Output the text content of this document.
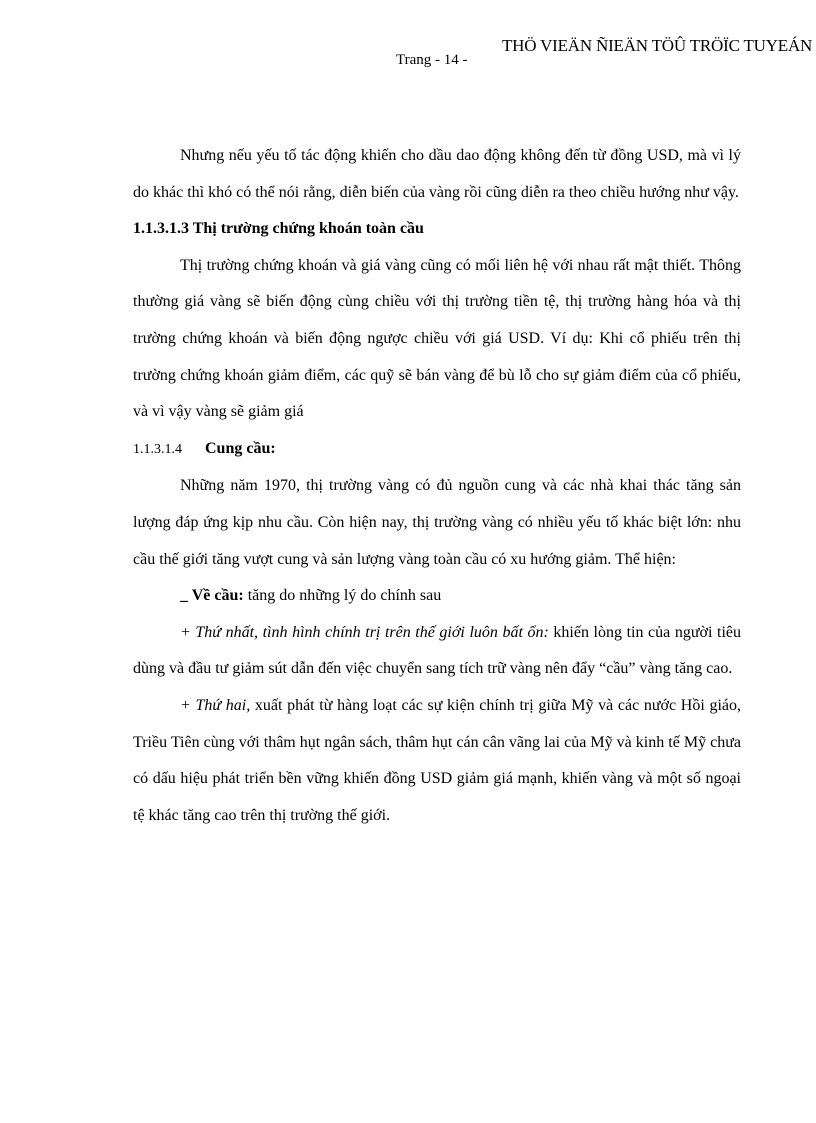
THÖ VIEÄN ÑIEÄN TÖÛ TRÖÏC TUYEÁN
Trang - 14 -

Nhưng nếu yếu tố tác động khiến cho dầu dao động không đến từ đồng USD, mà vì lý do khác thì khó có thể nói rằng, diễn biến của vàng rồi cũng diễn ra theo chiều hướng như vậy.

1.1.3.1.3 Thị trường chứng khoán toàn cầu

Thị trường chứng khoán và giá vàng cũng có mối liên hệ với nhau rất mật thiết. Thông thường giá vàng sẽ biến động cùng chiều với thị trường tiền tệ, thị trường hàng hóa và thị trường chứng khoán và biến động ngược chiều với giá USD. Ví dụ: Khi cổ phiếu trên thị trường chứng khoán giảm điểm, các quỹ sẽ bán vàng để bù lỗ cho sự giảm điểm của cổ phiếu, và vì vậy vàng sẽ giảm giá

1.1.3.1.4 Cung cầu:

Những năm 1970, thị trường vàng có đủ nguồn cung và các nhà khai thác tăng sản lượng đáp ứng kịp nhu cầu. Còn hiện nay, thị trường vàng có nhiều yếu tố khác biệt lớn: nhu cầu thế giới tăng vượt cung và sản lượng vàng toàn cầu có xu hướng giảm. Thể hiện:

_ Về cầu: tăng do những lý do chính sau

+ Thứ nhất, tình hình chính trị trên thế giới luôn bất ổn: khiến lòng tin của người tiêu dùng và đầu tư giảm sút dẫn đến việc chuyển sang tích trữ vàng nên đẩy “cầu” vàng tăng cao.

+ Thứ hai, xuất phát từ hàng loạt các sự kiện chính trị giữa Mỹ và các nước Hồi giáo, Triều Tiên cùng với thâm hụt ngân sách, thâm hụt cán cân vãng lai của Mỹ và kinh tế Mỹ chưa có dấu hiệu phát triển bền vững khiến đồng USD giảm giá mạnh, khiến vàng và một số ngoại tệ khác tăng cao trên thị trường thế giới.
